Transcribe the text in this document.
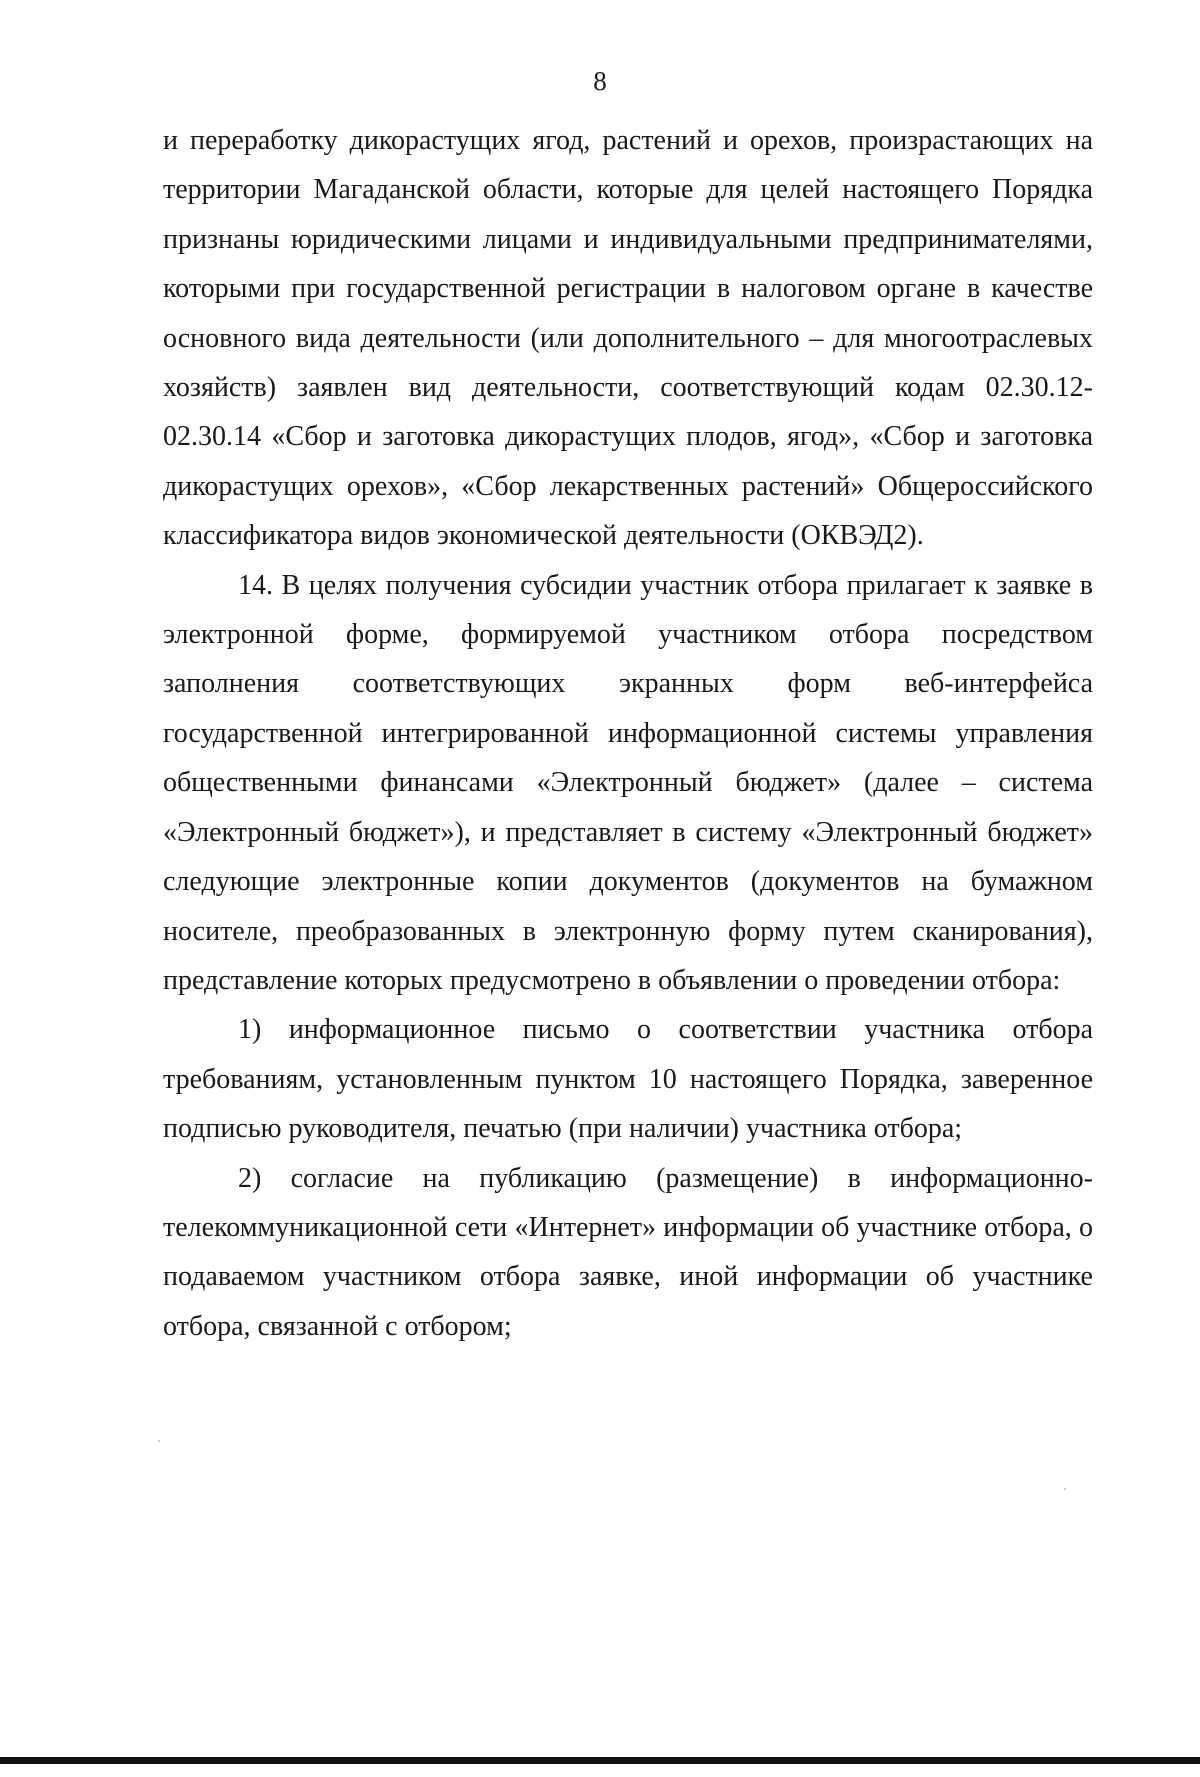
8

и переработку дикорастущих ягод, растений и орехов, произрастающих на территории Магаданской области, которые для целей настоящего Порядка признаны юридическими лицами и индивидуальными предпринимателями, которыми при государственной регистрации в налоговом органе в качестве основного вида деятельности (или дополнительного – для многоотраслевых хозяйств) заявлен вид деятельности, соответствующий кодам 02.30.12-02.30.14 «Сбор и заготовка дикорастущих плодов, ягод», «Сбор и заготовка дикорастущих орехов», «Сбор лекарственных растений» Общероссийского классификатора видов экономической деятельности (ОКВЭД2).

14. В целях получения субсидии участник отбора прилагает к заявке в электронной форме, формируемой участником отбора посредством заполнения соответствующих экранных форм веб-интерфейса государственной интегрированной информационной системы управления общественными финансами «Электронный бюджет» (далее – система «Электронный бюджет»), и представляет в систему «Электронный бюджет» следующие электронные копии документов (документов на бумажном носителе, преобразованных в электронную форму путем сканирования), представление которых предусмотрено в объявлении о проведении отбора:

1) информационное письмо о соответствии участника отбора требованиям, установленным пунктом 10 настоящего Порядка, заверенное подписью руководителя, печатью (при наличии) участника отбора;

2) согласие на публикацию (размещение) в информационно-телекоммуникационной сети «Интернет» информации об участнике отбора, о подаваемом участником отбора заявке, иной информации об участнике отбора, связанной с отбором;
